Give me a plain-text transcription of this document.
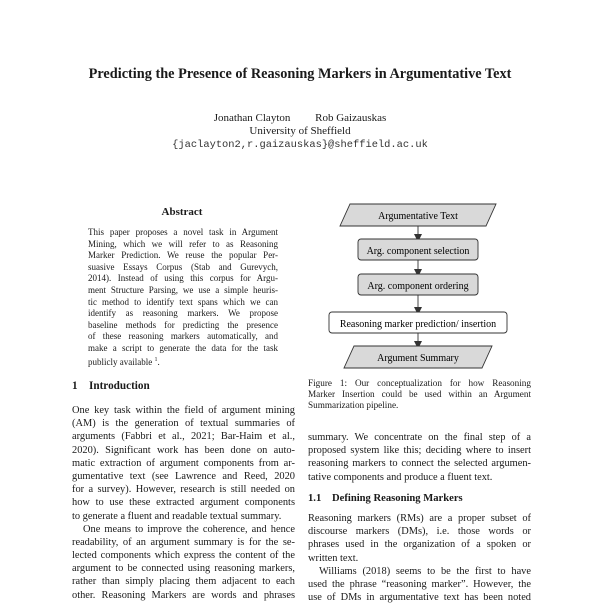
Predicting the Presence of Reasoning Markers in Argumentative Text
Jonathan Clayton Rob Gaizauskas
University of Sheffield
{jaclayton2,r.gaizauskas}@sheffield.ac.uk
Abstract
This paper proposes a novel task in Argument
Mining, which we will refer to as Reasoning
Marker Prediction. We reuse the popular Per-
suasive Essays Corpus (Stab and Gurevych,
2014). Instead of using this corpus for Argu-
ment Structure Parsing, we use a simple heuris-
tic method to identify text spans which we can
identify as reasoning markers. We propose
baseline methods for predicting the presence
of these reasoning markers automatically, and
make a script to generate the data for the task
publicly available $^1$.
1 Introduction
One key task within the field of argument mining
(AM) is the generation of textual summaries of
arguments (Fabbri et al., 2021; Bar-Haim et al.,
2020). Significant work has been done on auto-
matic extraction of argument components from ar-
gumentative text (see Lawrence and Reed, 2020
for a survey). However, research is still needed on
how to use these extracted argument components
to generate a fluent and readable textual summary.
One means to improve the coherence, and hence
readability, of an argument summary is for the se-
lected components which express the content of the
argument to be connected using reasoning markers,
rather than simply placing them adjacent to each
other. Reasoning Markers are words and phrases
Argumentative Text
Arg. component selection
Arg. component ordering
Reasoning marker prediction/ insertion
Argument Summary
Figure 1: Our conceptualization for how Reasoning
Marker Insertion could be used within an Argument
Summarization pipeline.
summary. We concentrate on the final step of a
proposed system like this; deciding where to insert
reasoning markers to connect the selected argumen-
tative components and produce a fluent text.
1.1 Defining Reasoning Markers
Reasoning markers (RMs) are a proper subset of
discourse markers (DMs), i.e. those words or
phrases used in the organization of a spoken or
written text.
Williams (2018) seems to be the first to have
used the phrase “reasoning marker”. However, the
use of DMs in argumentative text has been noted
